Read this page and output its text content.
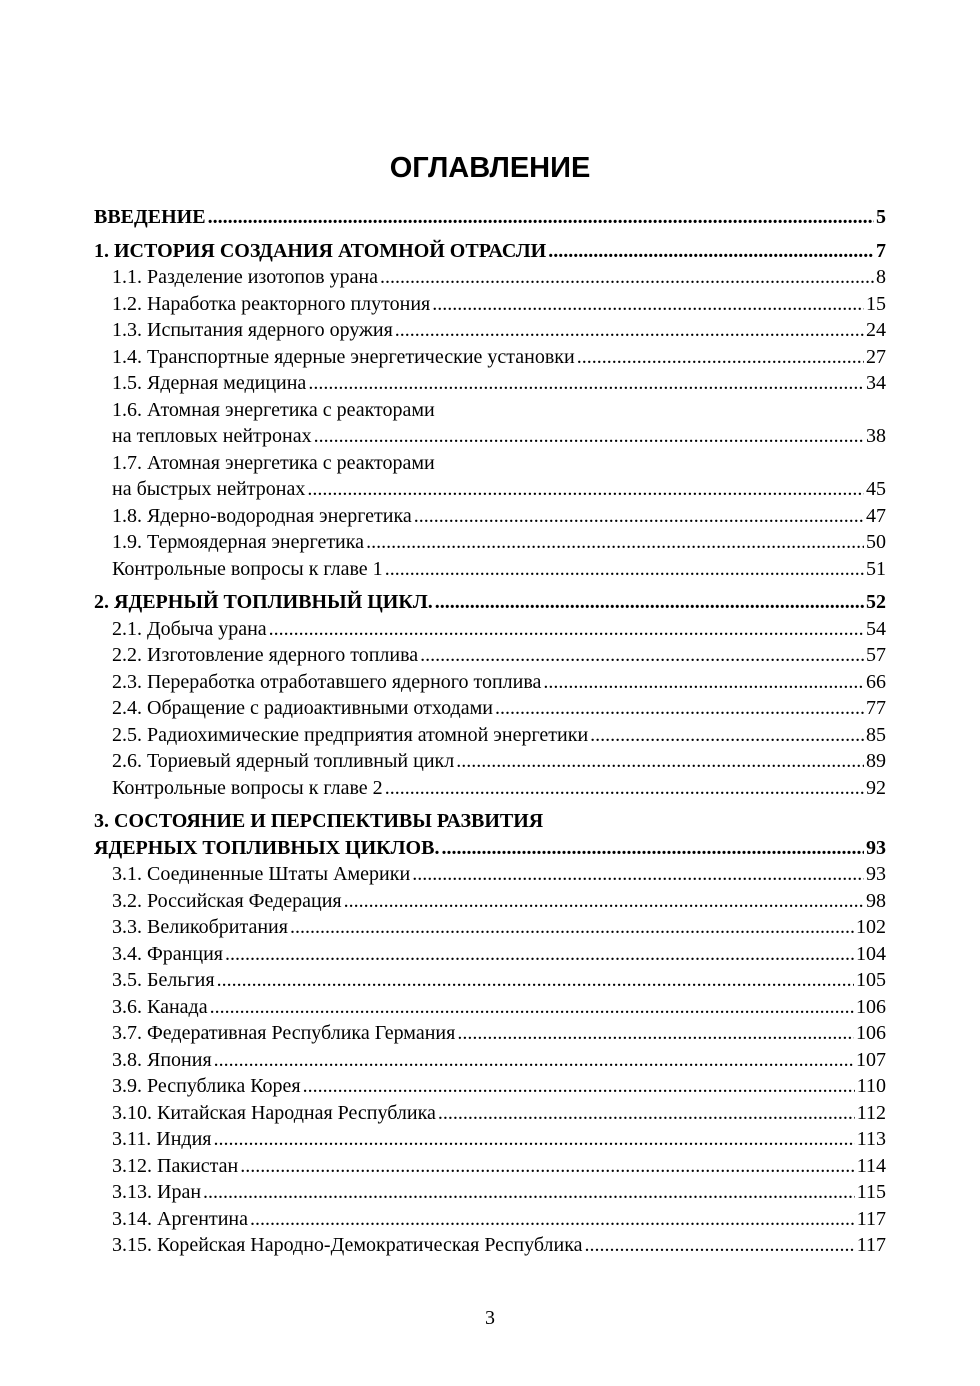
ОГЛАВЛЕНИЕ
ВВЕДЕНИЕ .....	5
1. ИСТОРИЯ СОЗДАНИЯ АТОМНОЙ ОТРАСЛИ .....	7
1.1. Разделение изотопов урана .....	8
1.2. Наработка реакторного плутония .....	15
1.3. Испытания ядерного оружия .....	24
1.4. Транспортные ядерные энергетические установки .....	27
1.5. Ядерная медицина .....	34
1.6. Атомная энергетика с реакторами
на тепловых нейтронах .....	38
1.7. Атомная энергетика с реакторами
на быстрых нейтронах .....	45
1.8. Ядерно-водородная энергетика .....	47
1.9. Термоядерная энергетика .....	50
Контрольные вопросы к главе 1 .....	51
2. ЯДЕРНЫЙ ТОПЛИВНЫЙ ЦИКЛ. .....	52
2.1. Добыча урана .....	54
2.2. Изготовление ядерного топлива .....	57
2.3. Переработка отработавшего ядерного топлива .....	66
2.4. Обращение с радиоактивными отходами .....	77
2.5. Радиохимические предприятия атомной энергетики .....	85
2.6. Ториевый ядерный топливный цикл .....	89
Контрольные вопросы к главе 2 .....	92
3. СОСТОЯНИЕ И ПЕРСПЕКТИВЫ РАЗВИТИЯ
ЯДЕРНЫХ ТОПЛИВНЫХ ЦИКЛОВ. .....	93
3.1. Соединенные Штаты Америки .....	93
3.2. Российская Федерация .....	98
3.3. Великобритания .....	102
3.4. Франция .....	104
3.5. Бельгия .....	105
3.6. Канада .....	106
3.7. Федеративная Республика Германия .....	106
3.8. Япония .....	107
3.9. Республика Корея .....	110
3.10. Китайская Народная Республика .....	112
3.11. Индия .....	113
3.12. Пакистан .....	114
3.13. Иран .....	115
3.14. Аргентина .....	117
3.15. Корейская Народно-Демократическая Республика .....	117
3
